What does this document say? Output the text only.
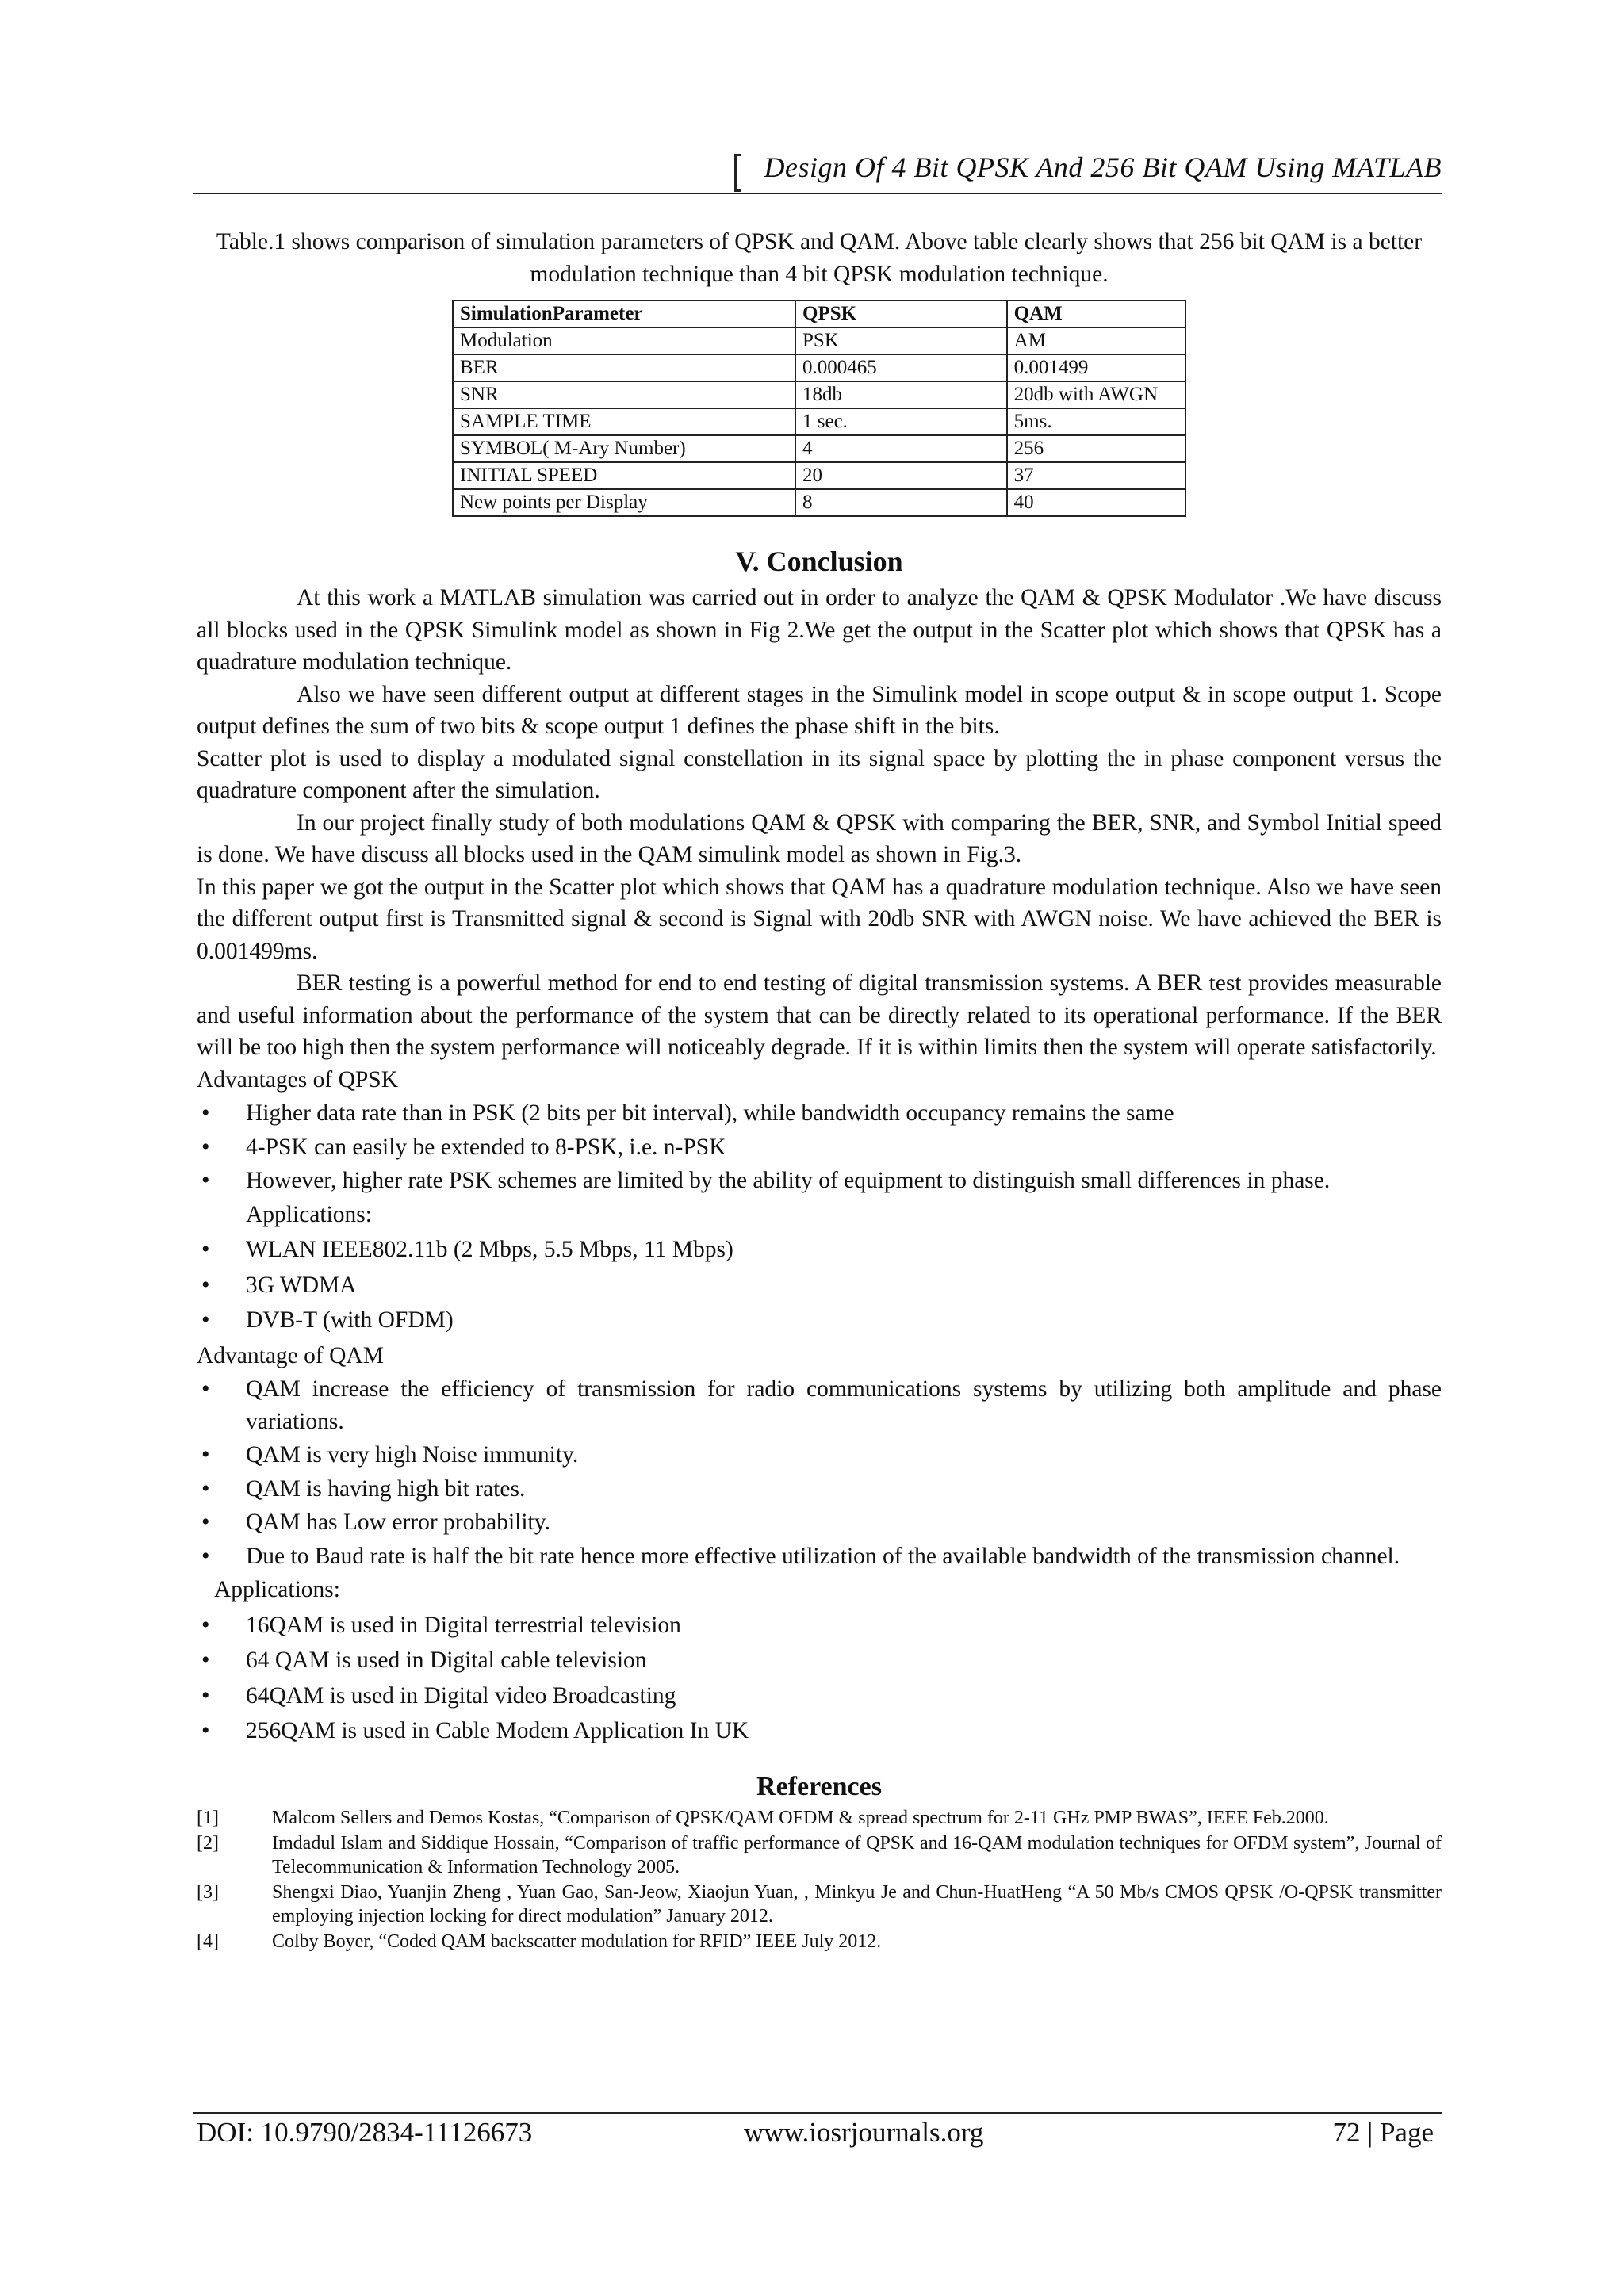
Design Of 4 Bit QPSK And 256 Bit QAM Using MATLAB
Table.1 shows comparison of simulation parameters of QPSK and QAM. Above table clearly shows that 256 bit QAM is a better modulation technique than 4 bit QPSK modulation technique.
SimulationParameter	QPSK	QAM
Modulation	PSK	AM
BER	0.000465	0.001499
SNR	18db	20db with AWGN
SAMPLE TIME	1 sec.	5ms.
SYMBOL( M-Ary Number)	4	256
INITIAL SPEED	20	37
New points per Display	8	40
V. Conclusion

At this work a MATLAB simulation was carried out in order to analyze the QAM & QPSK Modulator .We have discuss all blocks used in the QPSK Simulink model as shown in Fig 2.We get the output in the Scatter plot which shows that QPSK has a quadrature modulation technique.

Also we have seen different output at different stages in the Simulink model in scope output & in scope output 1. Scope output defines the sum of two bits & scope output 1 defines the phase shift in the bits.

Scatter plot is used to display a modulated signal constellation in its signal space by plotting the in phase component versus the quadrature component after the simulation.

In our project finally study of both modulations QAM & QPSK with comparing the BER, SNR, and Symbol Initial speed is done. We have discuss all blocks used in the QAM simulink model as shown in Fig.3.

In this paper we got the output in the Scatter plot which shows that QAM has a quadrature modulation technique. Also we have seen the different output first is Transmitted signal & second is Signal with 20db SNR with AWGN noise. We have achieved the BER is 0.001499ms.

BER testing is a powerful method for end to end testing of digital transmission systems. A BER test provides measurable and useful information about the performance of the system that can be directly related to its operational performance. If the BER will be too high then the system performance will noticeably degrade. If it is within limits then the system will operate satisfactorily.

Advantages of QPSK
• Higher data rate than in PSK (2 bits per bit interval), while bandwidth occupancy remains the same
• 4-PSK can easily be extended to 8-PSK, i.e. n-PSK
• However, higher rate PSK schemes are limited by the ability of equipment to distinguish small differences in phase.
Applications:
• WLAN IEEE802.11b (2 Mbps, 5.5 Mbps, 11 Mbps)
• 3G WDMA
• DVB-T (with OFDM)
Advantage of QAM
• QAM increase the efficiency of transmission for radio communications systems by utilizing both amplitude and phase variations.
• QAM is very high Noise immunity.
• QAM is having high bit rates.
• QAM has Low error probability.
• Due to Baud rate is half the bit rate hence more effective utilization of the available bandwidth of the transmission channel.
Applications:
• 16QAM is used in Digital terrestrial television
• 64 QAM is used in Digital cable television
• 64QAM is used in Digital video Broadcasting
• 256QAM is used in Cable Modem Application In UK
References
[1]	Malcom Sellers and Demos Kostas, “Comparison of QPSK/QAM OFDM & spread spectrum for 2-11 GHz PMP BWAS”, IEEE Feb.2000.
[2]	Imdadul Islam and Siddique Hossain, “Comparison of traffic performance of QPSK and 16-QAM modulation techniques for OFDM system”, Journal of Telecommunication & Information Technology 2005.
[3]	Shengxi Diao, Yuanjin Zheng , Yuan Gao, San-Jeow, Xiaojun Yuan, , Minkyu Je and Chun-HuatHeng “A 50 Mb/s CMOS QPSK /O-QPSK transmitter employing injection locking for direct modulation” January 2012.
[4]	Colby Boyer, “Coded QAM backscatter modulation for RFID” IEEE July 2012.
DOI: 10.9790/2834-11126673	www.iosrjournals.org	72 | Page
